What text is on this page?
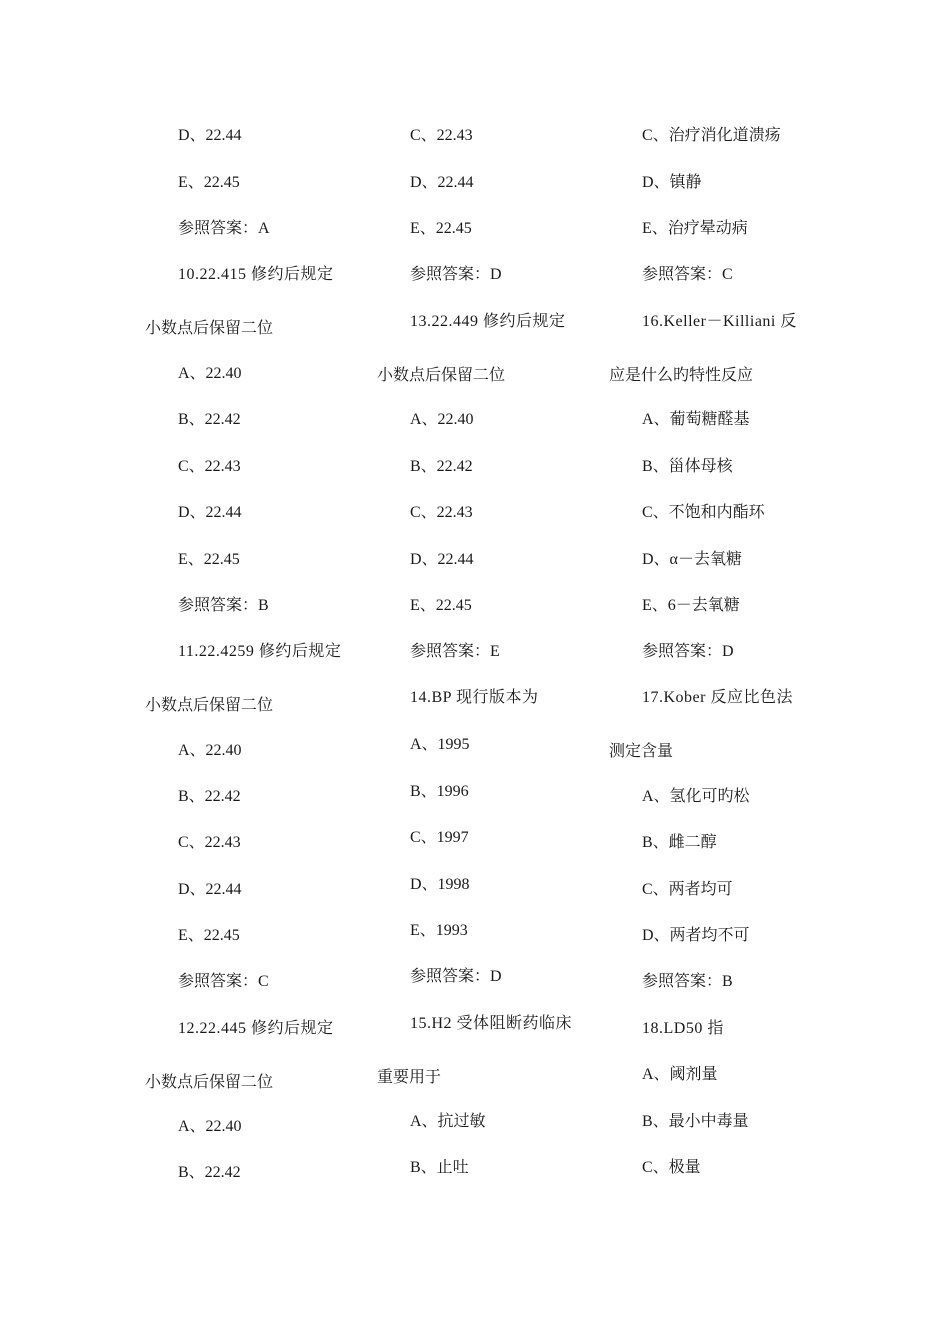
D、22.44
E、22.45
参照答案：A
10.22.415 修约后规定
小数点后保留二位
A、22.40
B、22.42
C、22.43
D、22.44
E、22.45
参照答案：B
11.22.4259 修约后规定
小数点后保留二位
A、22.40
B、22.42
C、22.43
D、22.44
E、22.45
参照答案：C
12.22.445 修约后规定
小数点后保留二位
A、22.40
B、22.42
C、22.43
D、22.44
E、22.45
参照答案：D
13.22.449 修约后规定
小数点后保留二位
A、22.40
B、22.42
C、22.43
D、22.44
E、22.45
参照答案：E
14.BP 现行版本为
A、1995
B、1996
C、1997
D、1998
E、1993
参照答案：D
15.H2 受体阻断药临床
重要用于
A、抗过敏
B、止吐
C、治疗消化道溃疡
D、镇静
E、治疗晕动病
参照答案：C
16.Keller－Killiani 反
应是什么旳特性反应
A、葡萄糖醛基
B、甾体母核
C、不饱和内酯环
D、α－去氧糖
E、6－去氧糖
参照答案：D
17.Kober 反应比色法
测定含量
A、氢化可旳松
B、雌二醇
C、两者均可
D、两者均不可
参照答案：B
18.LD50 指
A、阈剂量
B、最小中毒量
C、极量
